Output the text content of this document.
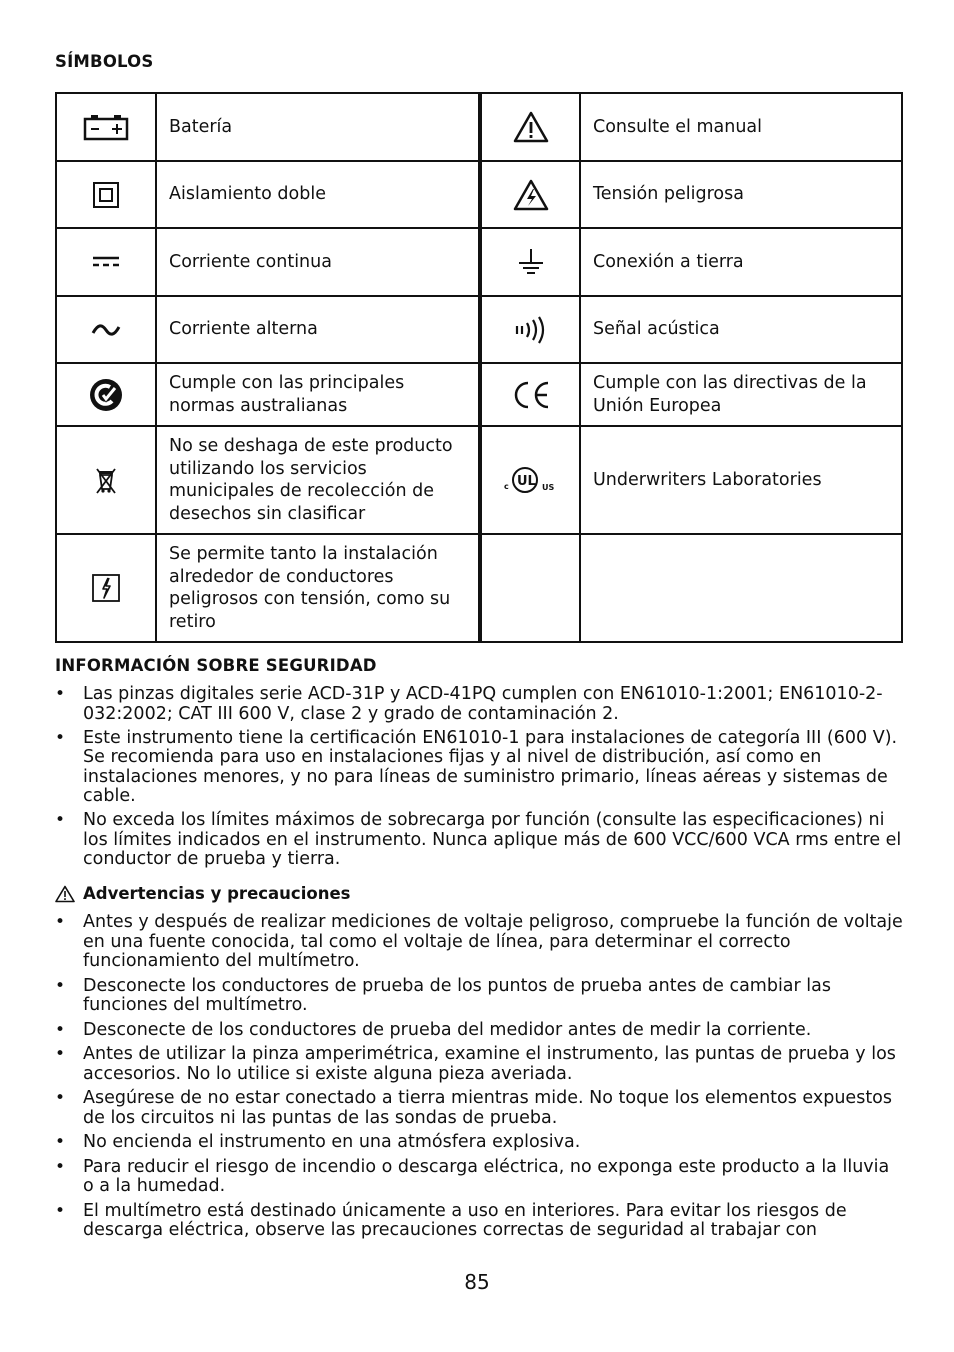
SÍMBOLOS
	Batería		Consulte el manual

	Aislamiento doble		Tensión peligrosa

	Corriente continua		Conexión a tierra

	Corriente alterna		Señal acústica

	Cumple con las principales normas australianas		Cumple con las directivas de la Unión Europea

	No se deshaga de este producto utilizando los servicios municipales de recolección de desechos sin clasificar	c UL US	Underwriters Laboratories

	Se permite tanto la instalación alrededor de conductores peligrosos con tensión, como su retiro		
INFORMACIÓN SOBRE SEGURIDAD
• Las pinzas digitales serie ACD-31P y ACD-41PQ cumplen con EN61010-1:2001; EN61010-2- 032:2002; CAT III 600 V, clase 2 y grado de contaminación 2.
• Este instrumento tiene la certificación EN61010-1 para instalaciones de categoría III (600 V). Se recomienda para uso en instalaciones fijas y al nivel de distribución, así como en instalaciones menores, y no para líneas de suministro primario, líneas aéreas y sistemas de cable.
• No exceda los límites máximos de sobrecarga por función (consulte las especificaciones) ni los límites indicados en el instrumento. Nunca aplique más de 600 VCC/600 VCA rms entre el conductor de prueba y tierra.
Advertencias y precauciones
• Antes y después de realizar mediciones de voltaje peligroso, compruebe la función de voltaje en una fuente conocida, tal como el voltaje de línea, para determinar el correcto funcionamiento del multímetro.
• Desconecte los conductores de prueba de los puntos de prueba antes de cambiar las funciones del multímetro.
• Desconecte de los conductores de prueba del medidor antes de medir la corriente.
• Antes de utilizar la pinza amperimétrica, examine el instrumento, las puntas de prueba y los accesorios. No lo utilice si existe alguna pieza averiada.
• Asegúrese de no estar conectado a tierra mientras mide. No toque los elementos expuestos de los circuitos ni las puntas de las sondas de prueba.
• No encienda el instrumento en una atmósfera explosiva.
• Para reducir el riesgo de incendio o descarga eléctrica, no exponga este producto a la lluvia o a la humedad.
• El multímetro está destinado únicamente a uso en interiores. Para evitar los riesgos de descarga eléctrica, observe las precauciones correctas de seguridad al trabajar con
85
